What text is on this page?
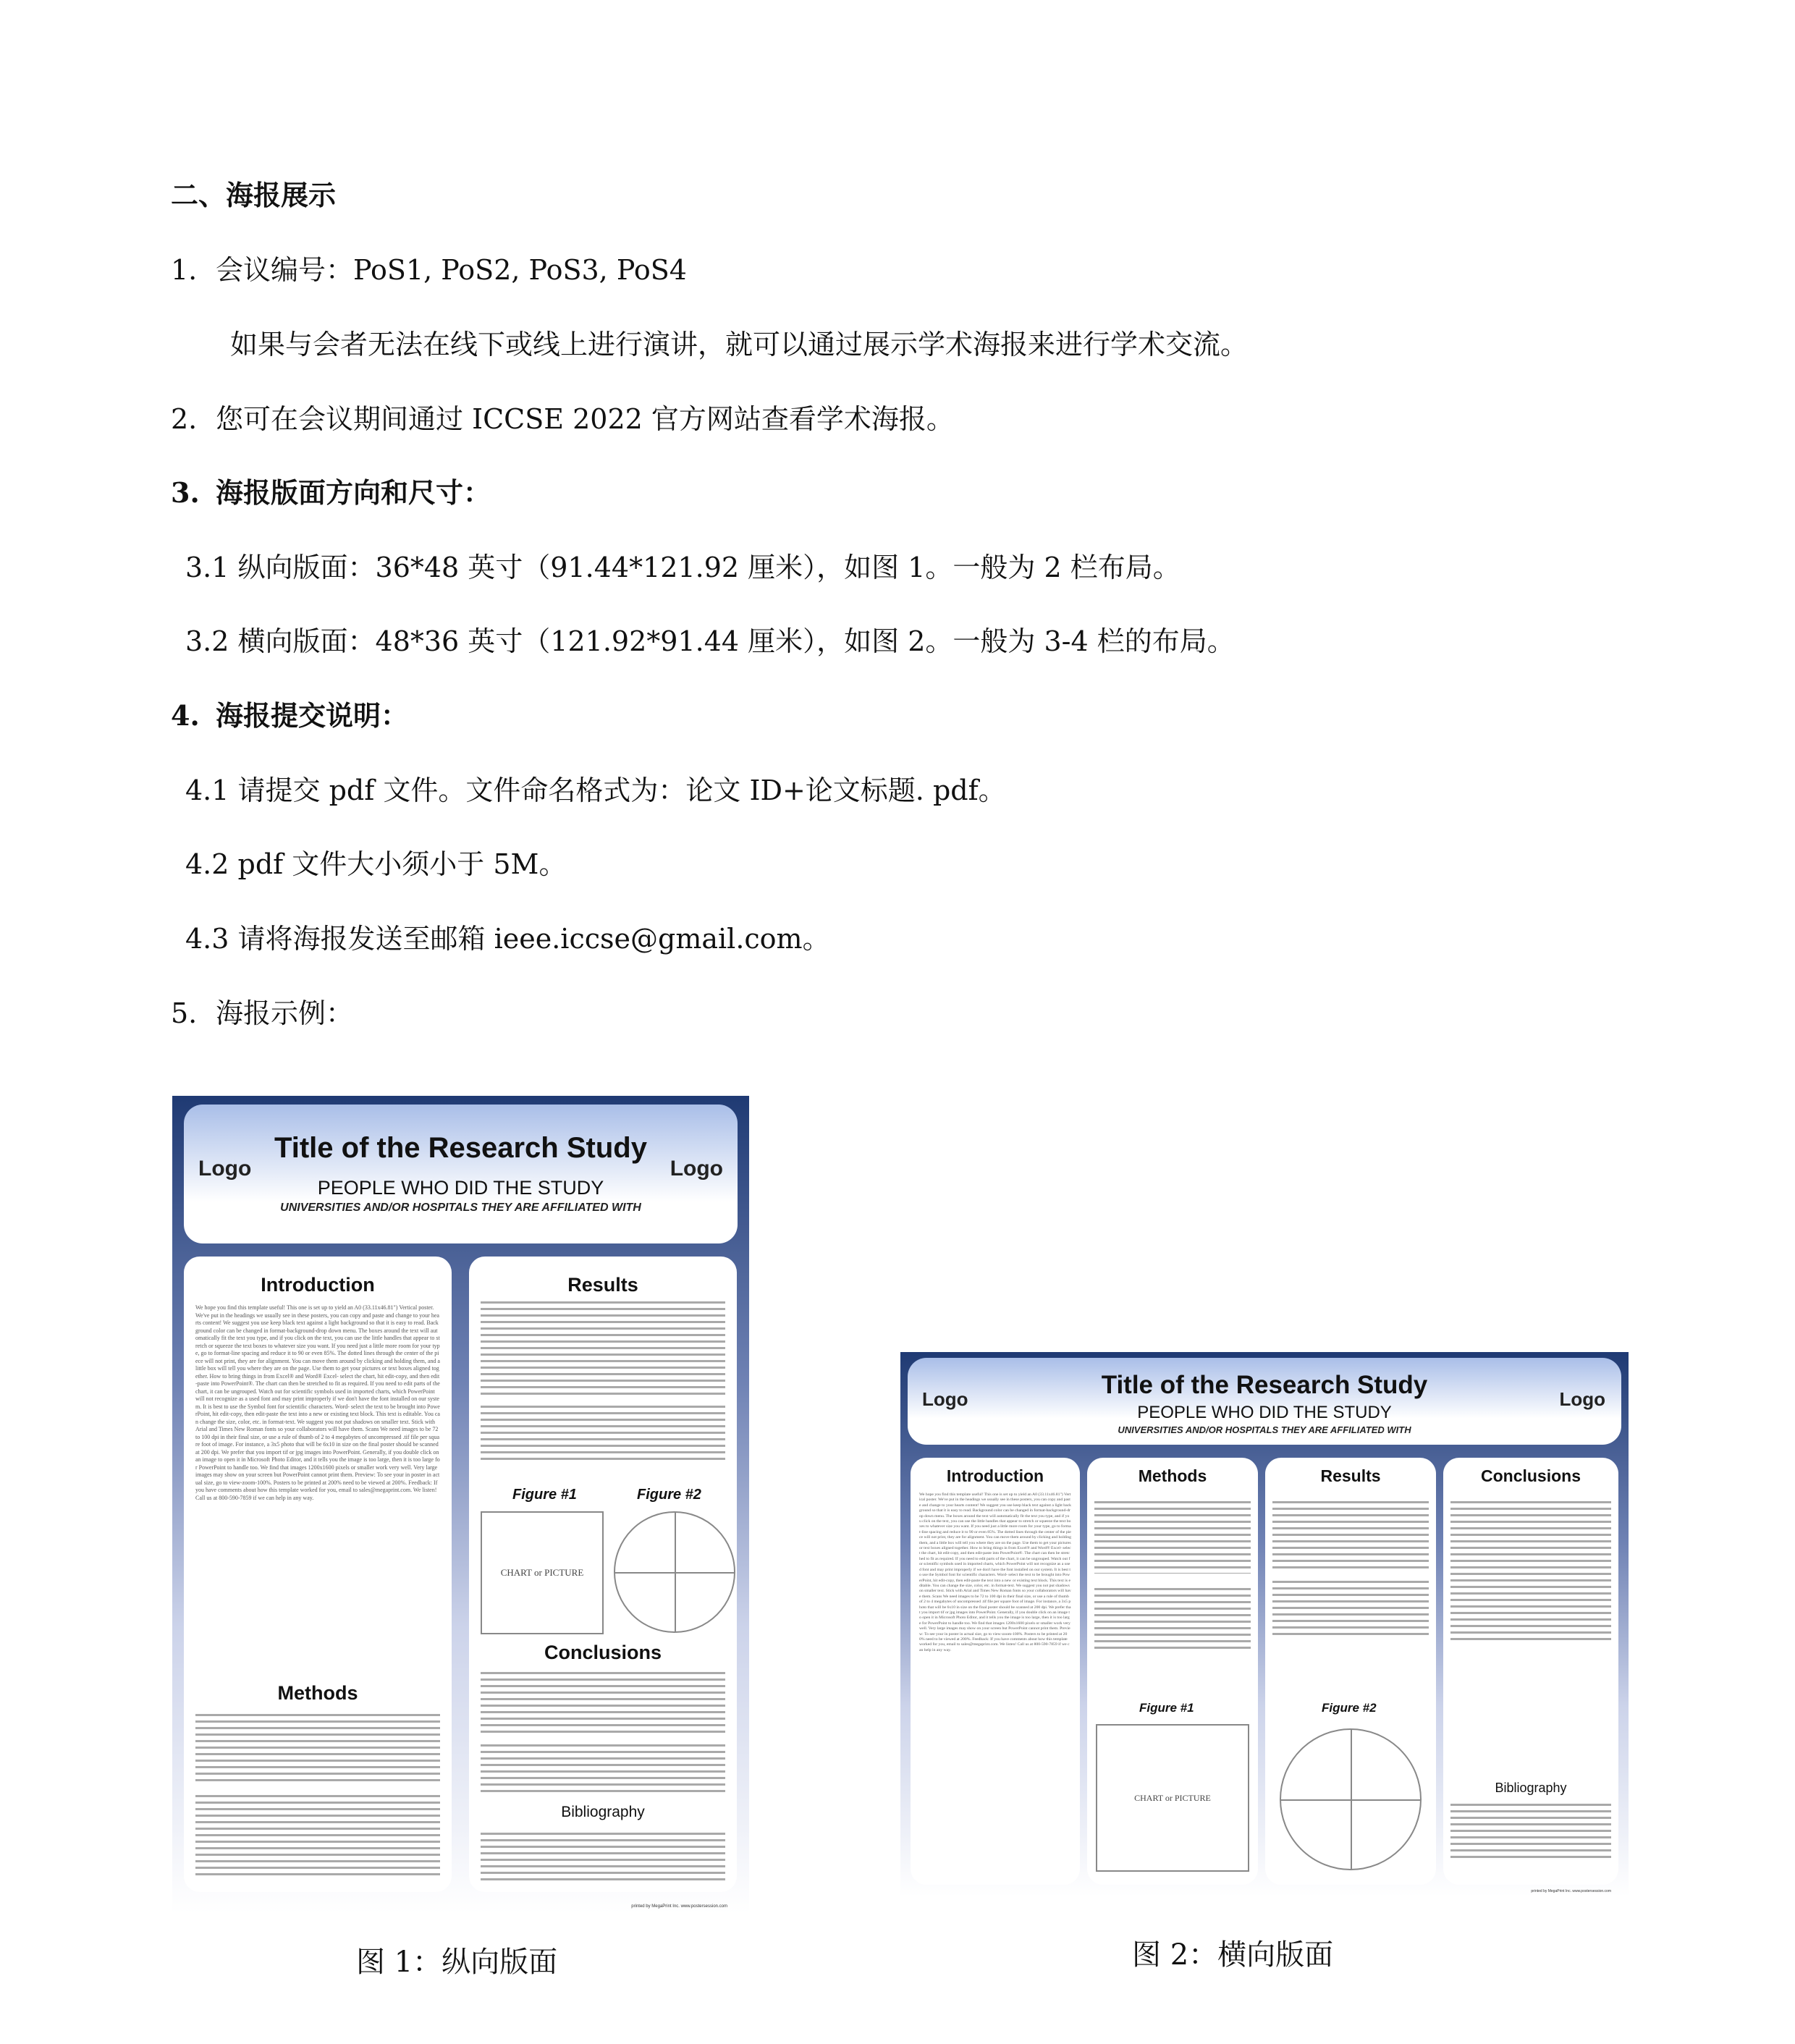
二、海报展示
1. 会议编号：PoS1, PoS2, PoS3, PoS4
如果与会者无法在线下或线上进行演讲，就可以通过展示学术海报来进行学术交流。
2. 您可在会议期间通过 ICCSE 2022 官方网站查看学术海报。
3. 海报版面方向和尺寸：
3.1 纵向版面：36*48 英寸（91.44*121.92 厘米），如图 1。一般为 2 栏布局。
3.2 横向版面：48*36 英寸（121.92*91.44 厘米），如图 2。一般为 3-4 栏的布局。
4. 海报提交说明：
4.1 请提交 pdf 文件。文件命名格式为：论文 ID+论文标题. pdf。
4.2 pdf 文件大小须小于 5M。
4.3 请将海报发送至邮箱 ieee.iccse@gmail.com。
5. 海报示例：
Logo	Logo
Title of the Research Study
PEOPLE WHO DID THE STUDY
UNIVERSITIES AND/OR HOSPITALS THEY ARE AFFILIATED WITH
Introduction
We hope you find this template useful! This one is set up to yield an A0 (33.11x46.81") Vertical poster. We've put in the headings we usually see in these posters, you can copy and paste and change to your hearts content! We suggest you use keep black text against a light background so that it is easy to read. Background color can be changed in format-background-drop down menu. The boxes around the text will automatically fit the text you type, and if you click on the text, you can use the little handles that appear to stretch or squeeze the text boxes to whatever size you want. If you need just a little more room for your type, go to format-line spacing and reduce it to 90 or even 85%. The dotted lines through the center of the piece will not print, they are for alignment. You can move them around by clicking and holding them, and a little box will tell you where they are on the page. Use them to get your pictures or text boxes aligned together. How to bring things in from Excel® and Word® Excel- select the chart, hit edit-copy, and then edit-paste into PowerPoint®. The chart can then be stretched to fit as required. If you need to edit parts of the chart, it can be ungrouped. Watch out for scientific symbols used in imported charts, which PowerPoint will not recognize as a used font and may print improperly if we don't have the font installed on our system. It is best to use the Symbol font for scientific characters. Word- select the text to be brought into PowerPoint, hit edit-copy, then edit-paste the text into a new or existing text block. This text is editable. You can change the size, color, etc. in format-text. We suggest you not put shadows on smaller text. Stick with Arial and Times New Roman fonts so your collaborators will have them. Scans We need images to be 72 to 100 dpi in their final size, or use a rule of thumb of 2 to 4 megabytes of uncompressed .tif file per square foot of image. For instance, a 3x5 photo that will be 6x10 in size on the final poster should be scanned at 200 dpi. We prefer that you import tif or jpg images into PowerPoint. Generally, if you double click on an image to open it in Microsoft Photo Editor, and it tells you the image is too large, then it is too large for PowerPoint to handle too. We find that images 1200x1600 pixels or smaller work very well. Very large images may show on your screen but PowerPoint cannot print them. Preview: To see your in poster in actual size, go to view-zoom-100%. Posters to be printed at 200% need to be viewed at 200%. Feedback: If you have comments about how this template worked for you, email to sales@megaprint.com. We listen! Call us at 800-590-7859 if we can help in any way.
Methods
Results
Figure #1	Figure #2
CHART or PICTURE
Conclusions
Bibliography
printed by MegaPrint Inc. www.postersession.com
Logo	Logo
Title of the Research Study
PEOPLE WHO DID THE STUDY
UNIVERSITIES AND/OR HOSPITALS THEY ARE AFFILIATED WITH
Introduction
We hope you find this template useful! This one is set up to yield an A0 (33.11x46.81") Vertical poster. We've put in the headings we usually see in these posters, you can copy and paste and change to your hearts content! We suggest you use keep black text against a light background so that it is easy to read. Background color can be changed in format-background-drop down menu. The boxes around the text will automatically fit the text you type, and if you click on the text, you can use the little handles that appear to stretch or squeeze the text boxes to whatever size you want. If you need just a little more room for your type, go to format-line spacing and reduce it to 90 or even 85%. The dotted lines through the center of the piece will not print, they are for alignment. You can move them around by clicking and holding them, and a little box will tell you where they are on the page. Use them to get your pictures or text boxes aligned together. How to bring things in from Excel® and Word® Excel- select the chart, hit edit-copy, and then edit-paste into PowerPoint®. The chart can then be stretched to fit as required. If you need to edit parts of the chart, it can be ungrouped. Watch out for scientific symbols used in imported charts, which PowerPoint will not recognize as a used font and may print improperly if we don't have the font installed on our system. It is best to use the Symbol font for scientific characters. Word- select the text to be brought into PowerPoint, hit edit-copy, then edit-paste the text into a new or existing text block. This text is editable. You can change the size, color, etc. in format-text. We suggest you not put shadows on smaller text. Stick with Arial and Times New Roman fonts so your collaborators will have them. Scans We need images to be 72 to 100 dpi in their final size, or use a rule of thumb of 2 to 4 megabytes of uncompressed .tif file per square foot of image. For instance, a 3x5 photo that will be 6x10 in size on the final poster should be scanned at 200 dpi. We prefer that you import tif or jpg images into PowerPoint. Generally, if you double click on an image to open it in Microsoft Photo Editor, and it tells you the image is too large, then it is too large for PowerPoint to handle too. We find that images 1200x1600 pixels or smaller work very well. Very large images may show on your screen but PowerPoint cannot print them. Preview: To see your in poster in actual size, go to view-zoom-100%. Posters to be printed at 200% need to be viewed at 200%. Feedback: If you have comments about how this template worked for you, email to sales@megaprint.com. We listen! Call us at 800-590-7859 if we can help in any way.
Methods
Figure #1
CHART or PICTURE
Results
Figure #2
Conclusions
Bibliography
printed by MegaPrint Inc. www.postersession.com
图 1：纵向版面	图 2：横向版面
